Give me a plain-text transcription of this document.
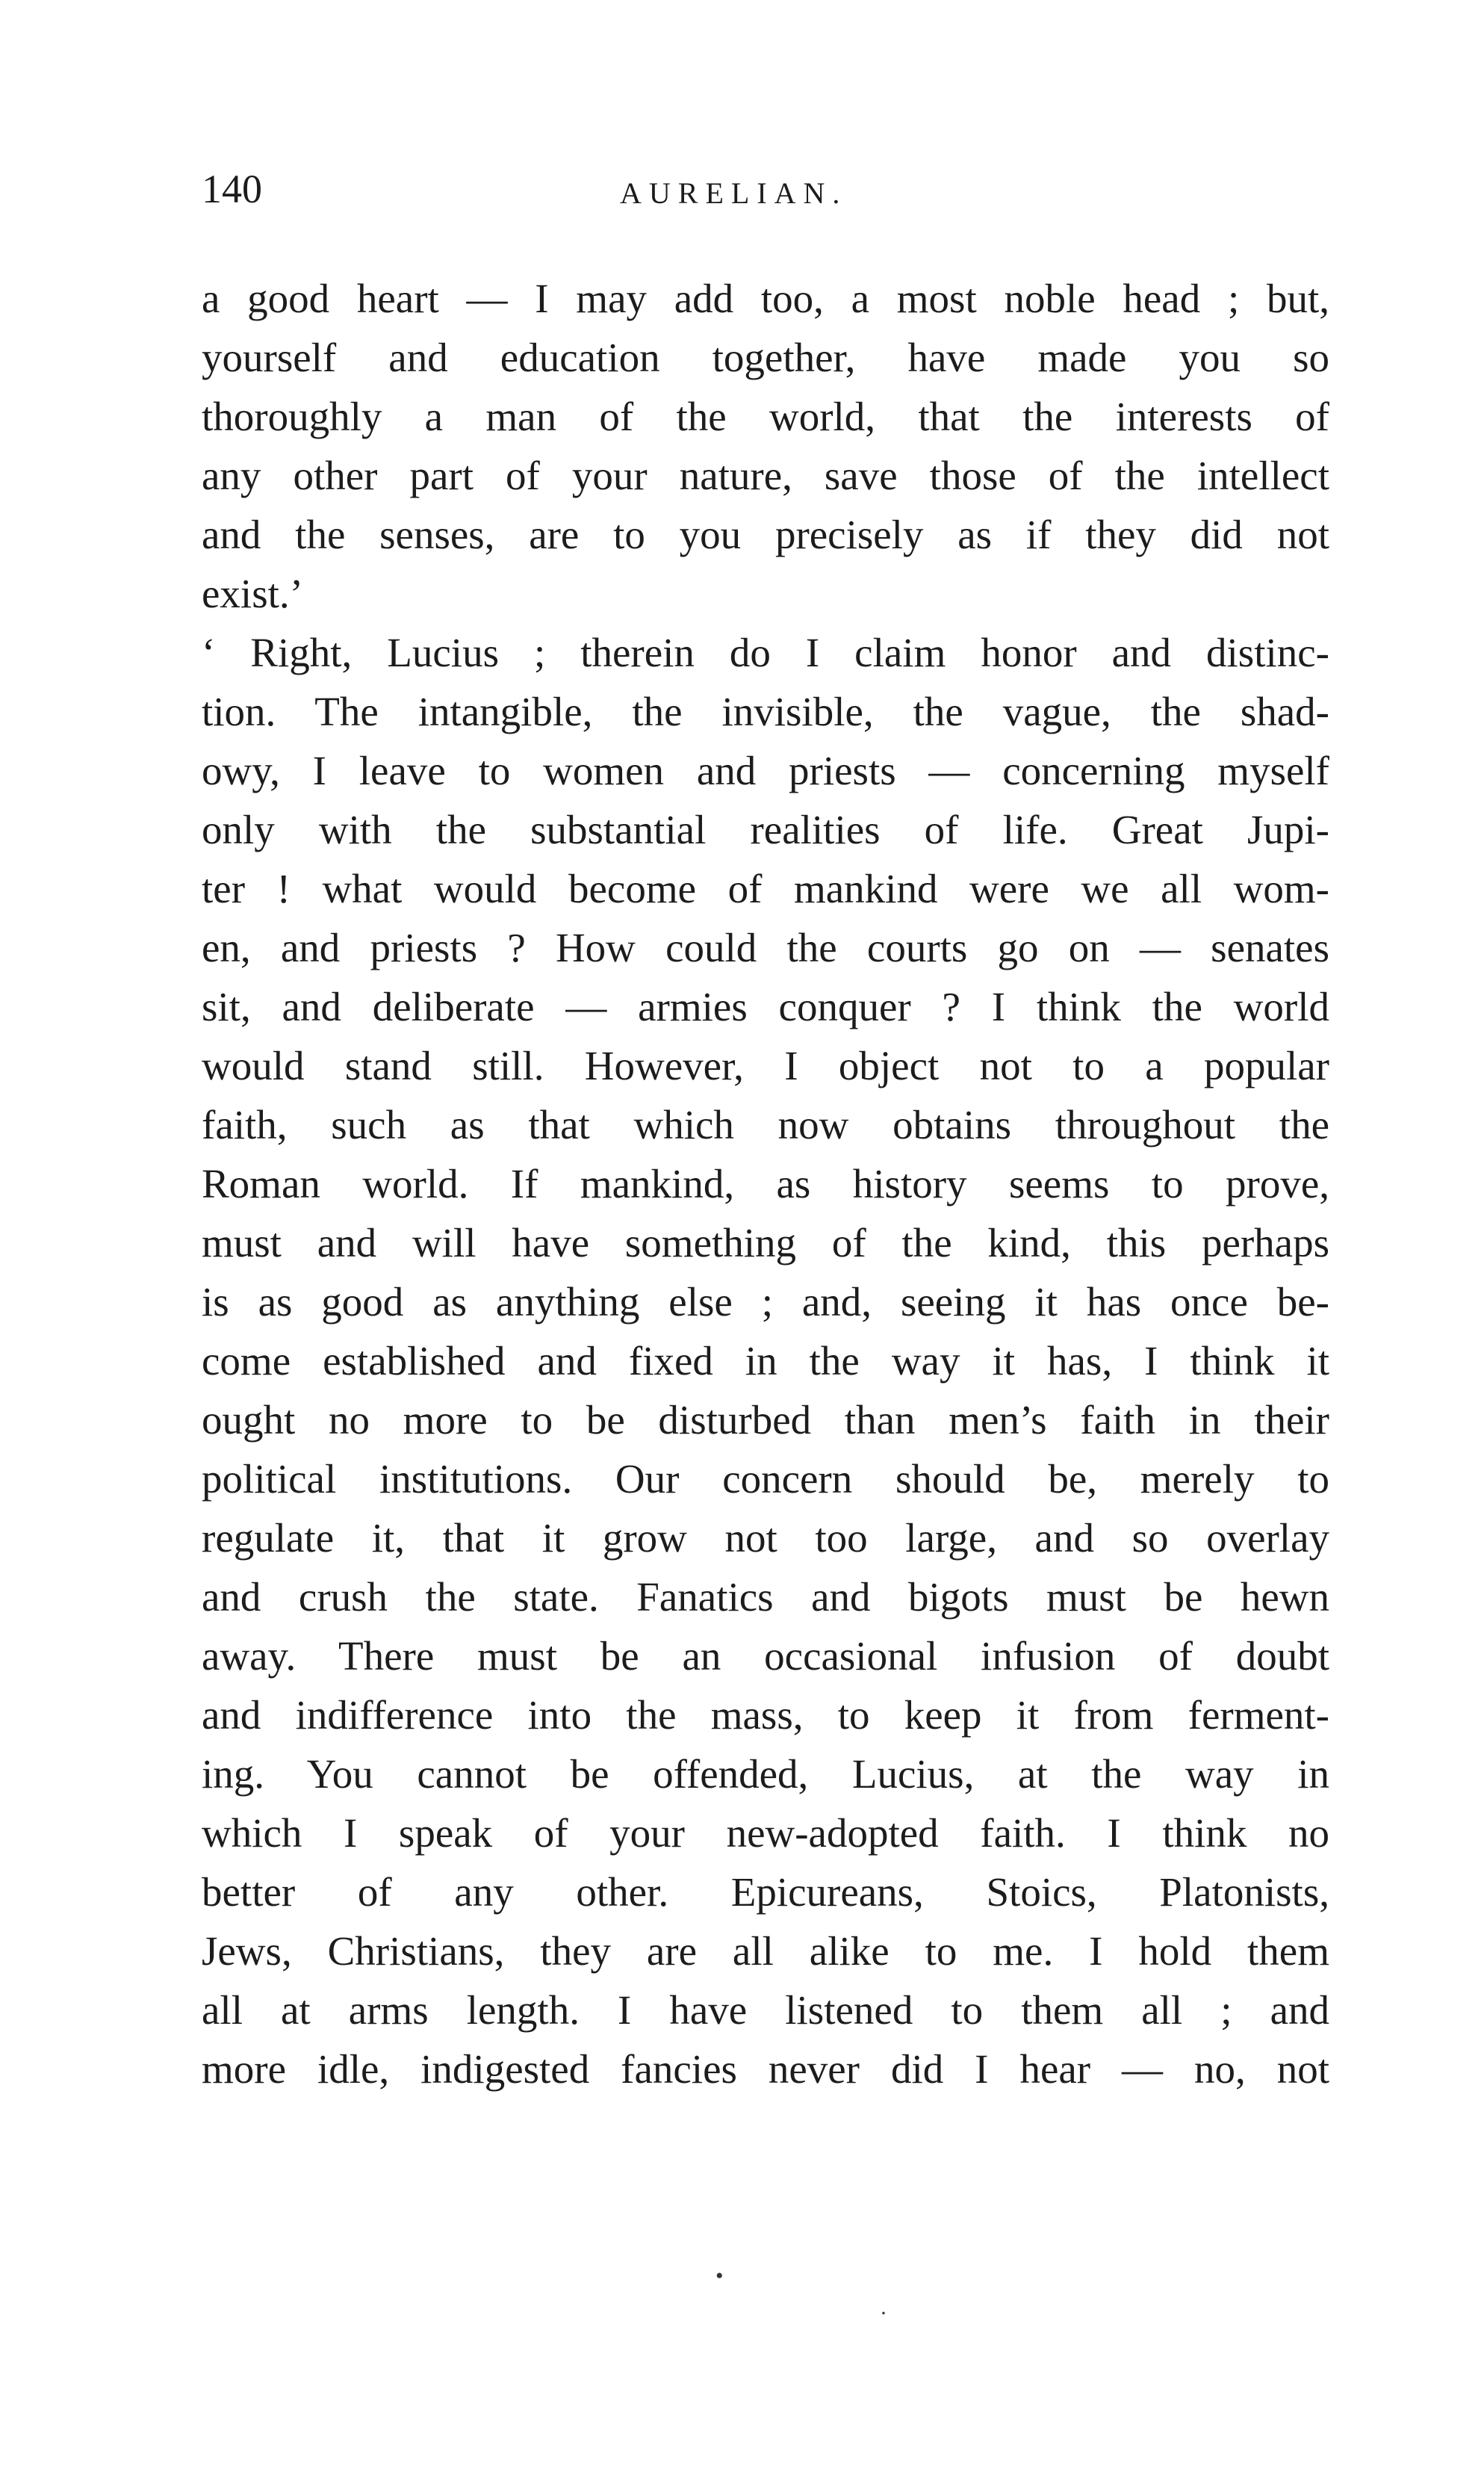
140	AURELIAN.
a good heart — I may add too, a most noble head ; but,
yourself and education together, have made you so
thoroughly a man of the world, that the interests of
any other part of your nature, save those of the intellect
and the senses, are to you precisely as if they did not
exist.’
‘ Right, Lucius ; therein do I claim honor and distinc-
tion. The intangible, the invisible, the vague, the shad-
owy, I leave to women and priests — concerning myself
only with the substantial realities of life. Great Jupi-
ter ! what would become of mankind were we all wom-
en, and priests ? How could the courts go on — senates
sit, and deliberate — armies conquer ? I think the world
would stand still. However, I object not to a popular
faith, such as that which now obtains throughout the
Roman world. If mankind, as history seems to prove,
must and will have something of the kind, this perhaps
is as good as anything else ; and, seeing it has once be-
come established and fixed in the way it has, I think it
ought no more to be disturbed than men’s faith in their
political institutions. Our concern should be, merely to
regulate it, that it grow not too large, and so overlay
and crush the state. Fanatics and bigots must be hewn
away. There must be an occasional infusion of doubt
and indifference into the mass, to keep it from ferment-
ing. You cannot be offended, Lucius, at the way in
which I speak of your new-adopted faith. I think no
better of any other. Epicureans, Stoics, Platonists,
Jews, Christians, they are all alike to me. I hold them
all at arms length. I have listened to them all ; and
more idle, indigested fancies never did I hear — no, not
•
·
